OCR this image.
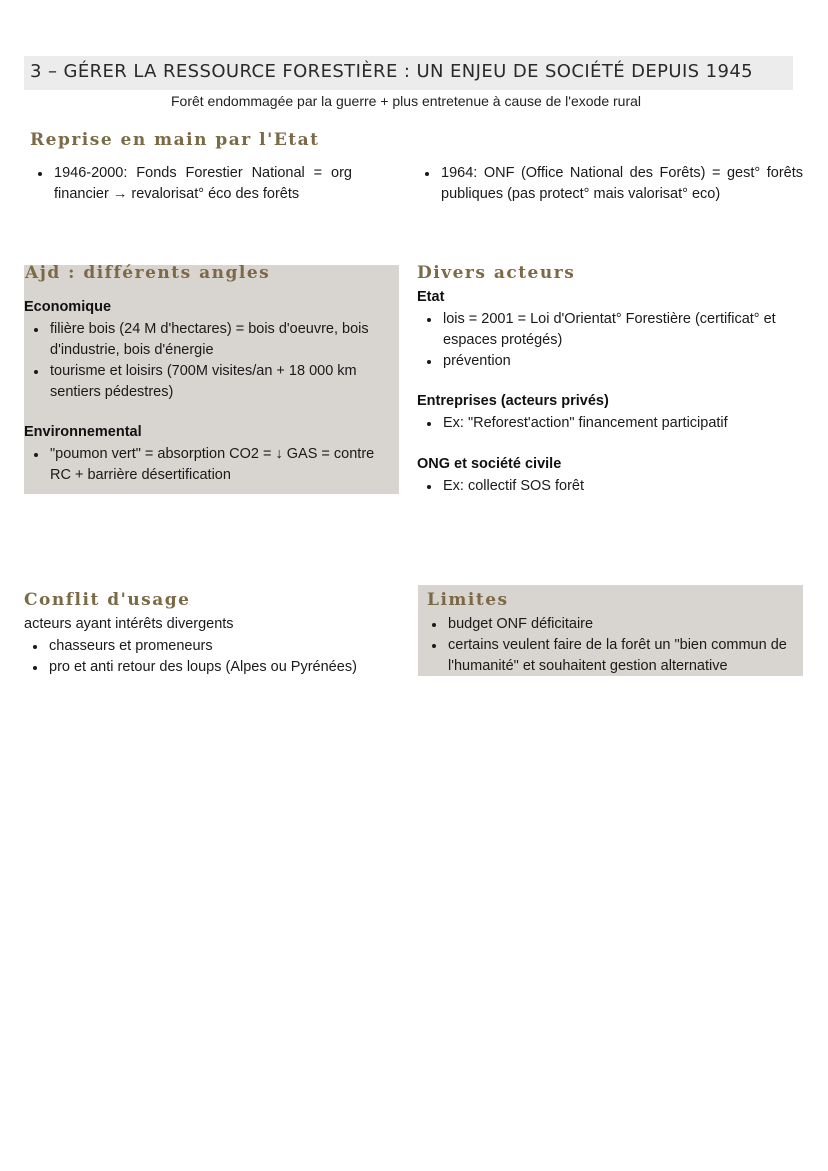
3 – GÉRER LA RESSOURCE FORESTIÈRE : UN ENJEU DE SOCIÉTÉ DEPUIS 1945
Forêt endommagée par la guerre + plus entretenue à cause de l'exode rural
Reprise en main par l'Etat
1946-2000: Fonds Forestier National = org financier → revalorisat° éco des forêts
1964: ONF (Office National des Forêts) = gest° forêts publiques (pas protect° mais valorisat° eco)
Ajd : différents angles
Economique
filière bois (24 M d'hectares) = bois d'oeuvre, bois d'industrie, bois d'énergie
tourisme et loisirs (700M visites/an + 18 000 km sentiers pédestres)
Environnemental
"poumon vert" = absorption CO2 = ↓ GAS = contre RC + barrière désertification
Divers acteurs
Etat
lois = 2001 = Loi d'Orientat° Forestière (certificat° et espaces protégés)
prévention
Entreprises (acteurs privés)
Ex: "Reforest'action" financement participatif
ONG et société civile
Ex: collectif SOS forêt
Conflit d'usage
acteurs ayant intérêts divergents
chasseurs et promeneurs
pro et anti retour des loups (Alpes ou Pyrénées)
Limites
budget ONF déficitaire
certains veulent faire de la forêt un "bien commun de l'humanité" et souhaitent gestion alternative
